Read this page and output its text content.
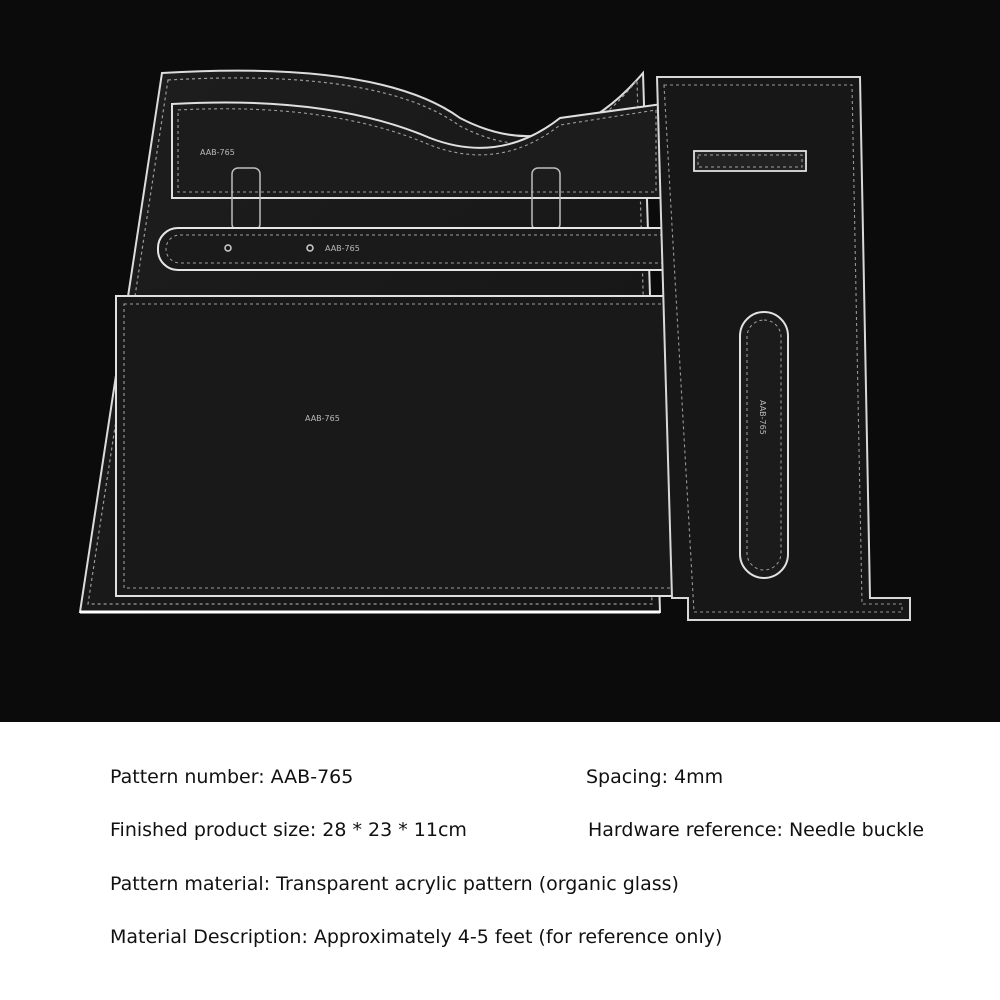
AAB-765
AAB-765
AAB-765	AAB-765
Pattern number: AAB-765	Spacing: 4mm
Finished product size: 28 * 23 * 11cm	Hardware reference: Needle buckle
Pattern material: Transparent acrylic pattern (organic glass)
Material Description: Approximately 4-5 feet (for reference only)
